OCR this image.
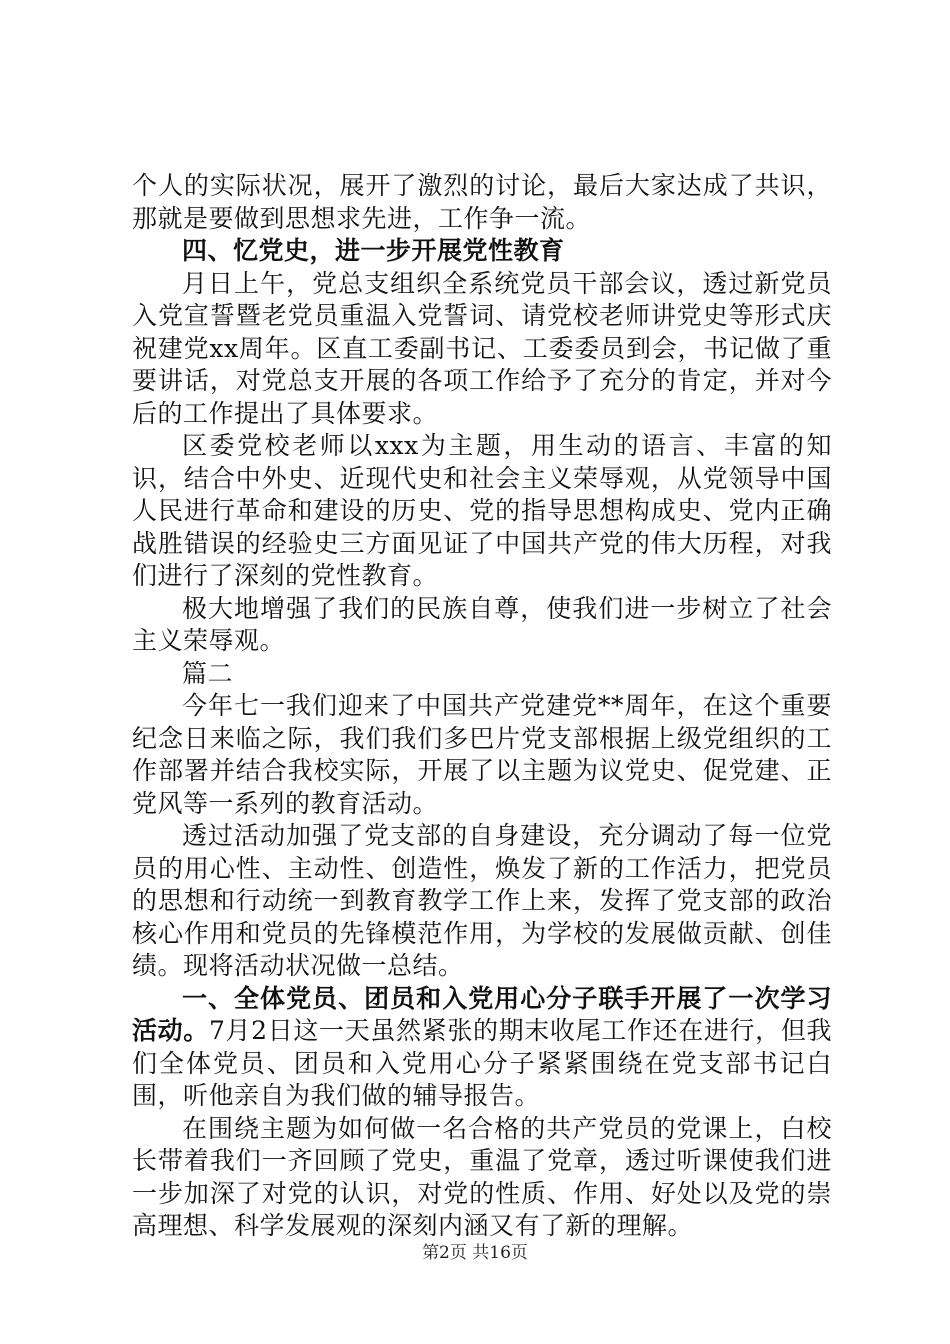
个人的实际状况，展开了激烈的讨论，最后大家达成了共识，那就是要做到思想求先进，工作争一流。

四、忆党史，进一步开展党性教育

月日上午，党总支组织全系统党员干部会议，透过新党员入党宣誓暨老党员重温入党誓词、请党校老师讲党史等形式庆祝建党xx周年。区直工委副书记、工委委员到会，书记做了重要讲话，对党总支开展的各项工作给予了充分的肯定，并对今后的工作提出了具体要求。

区委党校老师以xxx为主题，用生动的语言、丰富的知识，结合中外史、近现代史和社会主义荣辱观，从党领导中国人民进行革命和建设的历史、党的指导思想构成史、党内正确战胜错误的经验史三方面见证了中国共产党的伟大历程，对我们进行了深刻的党性教育。

极大地增强了我们的民族自尊，使我们进一步树立了社会主义荣辱观。

篇二

今年七一我们迎来了中国共产党建党**周年，在这个重要纪念日来临之际，我们我们多巴片党支部根据上级党组织的工作部署并结合我校实际，开展了以主题为议党史、促党建、正党风等一系列的教育活动。

透过活动加强了党支部的自身建设，充分调动了每一位党员的用心性、主动性、创造性，焕发了新的工作活力，把党员的思想和行动统一到教育教学工作上来，发挥了党支部的政治核心作用和党员的先锋模范作用，为学校的发展做贡献、创佳绩。现将活动状况做一总结。

一、全体党员、团员和入党用心分子联手开展了一次学习活动。7月2日这一天虽然紧张的期末收尾工作还在进行，但我们全体党员、团员和入党用心分子紧紧围绕在党支部书记白围，听他亲自为我们做的辅导报告。

在围绕主题为如何做一名合格的共产党员的党课上，白校长带着我们一齐回顾了党史，重温了党章，透过听课使我们进一步加深了对党的认识，对党的性质、作用、好处以及党的崇高理想、科学发展观的深刻内涵又有了新的理解。

第2页 共16页
